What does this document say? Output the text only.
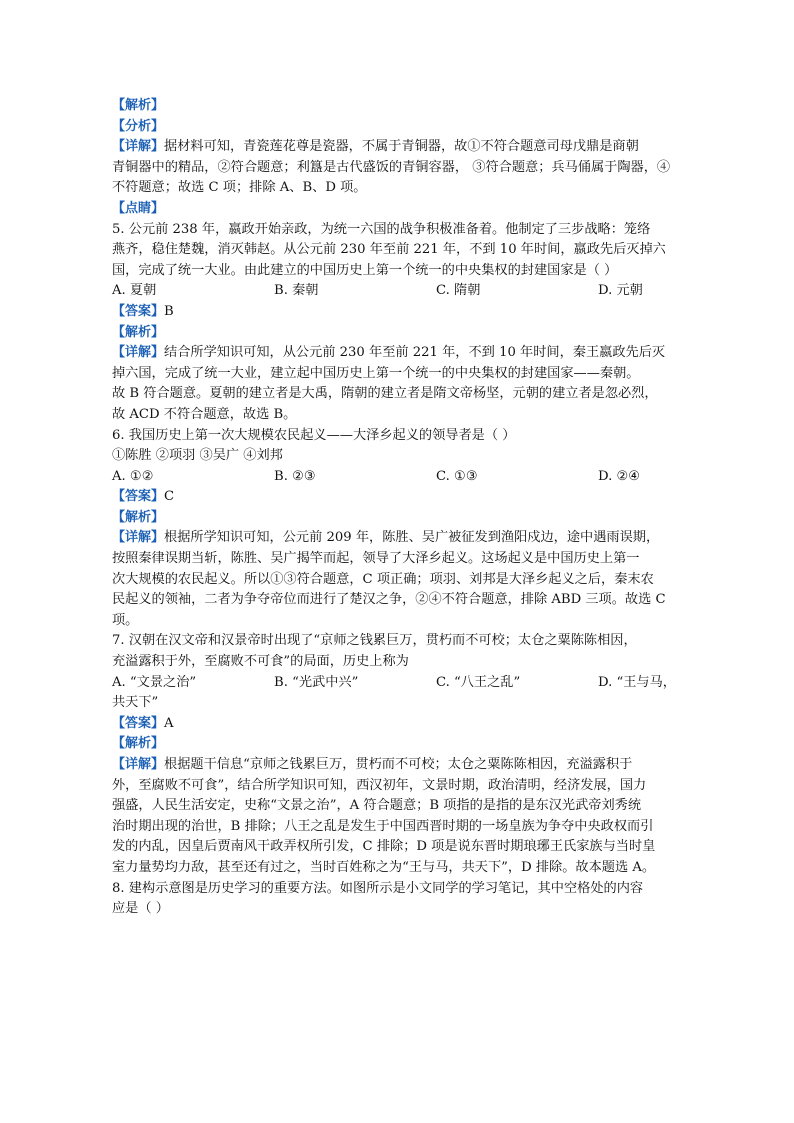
【解析】
【分析】
【详解】据材料可知，青瓷莲花尊是瓷器，不属于青铜器，故①不符合题意司母戊鼎是商朝
青铜器中的精品，②符合题意；利簋是古代盛饭的青铜容器， ③符合题意；兵马俑属于陶器，④
不符题意；故选 C 项；排除 A、B、D 项。
【点睛】
5. 公元前 238 年，嬴政开始亲政，为统一六国的战争积极准备着。他制定了三步战略：笼络
燕齐，稳住楚魏，消灭韩赵。从公元前 230 年至前 221 年，不到 10 年时间，嬴政先后灭掉六
国，完成了统一大业。由此建立的中国历史上第一个统一的中央集权的封建国家是（ ）
A. 夏朝	B. 秦朝	C. 隋朝	D. 元朝
【答案】B
【解析】
【详解】结合所学知识可知，从公元前 230 年至前 221 年，不到 10 年时间，秦王嬴政先后灭
掉六国，完成了统一大业，建立起中国历史上第一个统一的中央集权的封建国家——秦朝。
故 B 符合题意。夏朝的建立者是大禹，隋朝的建立者是隋文帝杨坚，元朝的建立者是忽必烈，
故 ACD 不符合题意，故选 B。
6. 我国历史上第一次大规模农民起义——大泽乡起义的领导者是（ ）
①陈胜 ②项羽 ③吴广 ④刘邦
A. ①②	B. ②③	C. ①③	D. ②④
【答案】C
【解析】
【详解】根据所学知识可知，公元前 209 年，陈胜、吴广被征发到渔阳戍边，途中遇雨误期，
按照秦律误期当斩，陈胜、吴广揭竿而起，领导了大泽乡起义。这场起义是中国历史上第一
次大规模的农民起义。所以①③符合题意，C 项正确；项羽、刘邦是大泽乡起义之后，秦末农
民起义的领袖，二者为争夺帝位而进行了楚汉之争，②④不符合题意，排除 ABD 三项。故选 C
项。
7. 汉朝在汉文帝和汉景帝时出现了“京师之钱累巨万，贯朽而不可校；太仓之粟陈陈相因，
充溢露积于外，至腐败不可食”的局面，历史上称为
A. “文景之治”	B. “光武中兴”	C. “八王之乱”	D. “王与马，
共天下”
【答案】A
【解析】
【详解】根据题干信息“京师之钱累巨万，贯朽而不可校；太仓之粟陈陈相因，充溢露积于
外，至腐败不可食”，结合所学知识可知，西汉初年，文景时期，政治清明，经济发展，国力
强盛，人民生活安定，史称“文景之治”，A 符合题意；B 项指的是指的是东汉光武帝刘秀统
治时期出现的治世，B 排除；八王之乱是发生于中国西晋时期的一场皇族为争夺中央政权而引
发的内乱，因皇后贾南风干政弄权所引发，C 排除；D 项是说东晋时期琅琊王氏家族与当时皇
室力量势均力敌，甚至还有过之，当时百姓称之为“王与马，共天下”，D 排除。故本题选 A。
8. 建构示意图是历史学习的重要方法。如图所示是小文同学的学习笔记，其中空格处的内容
应是（ ）
